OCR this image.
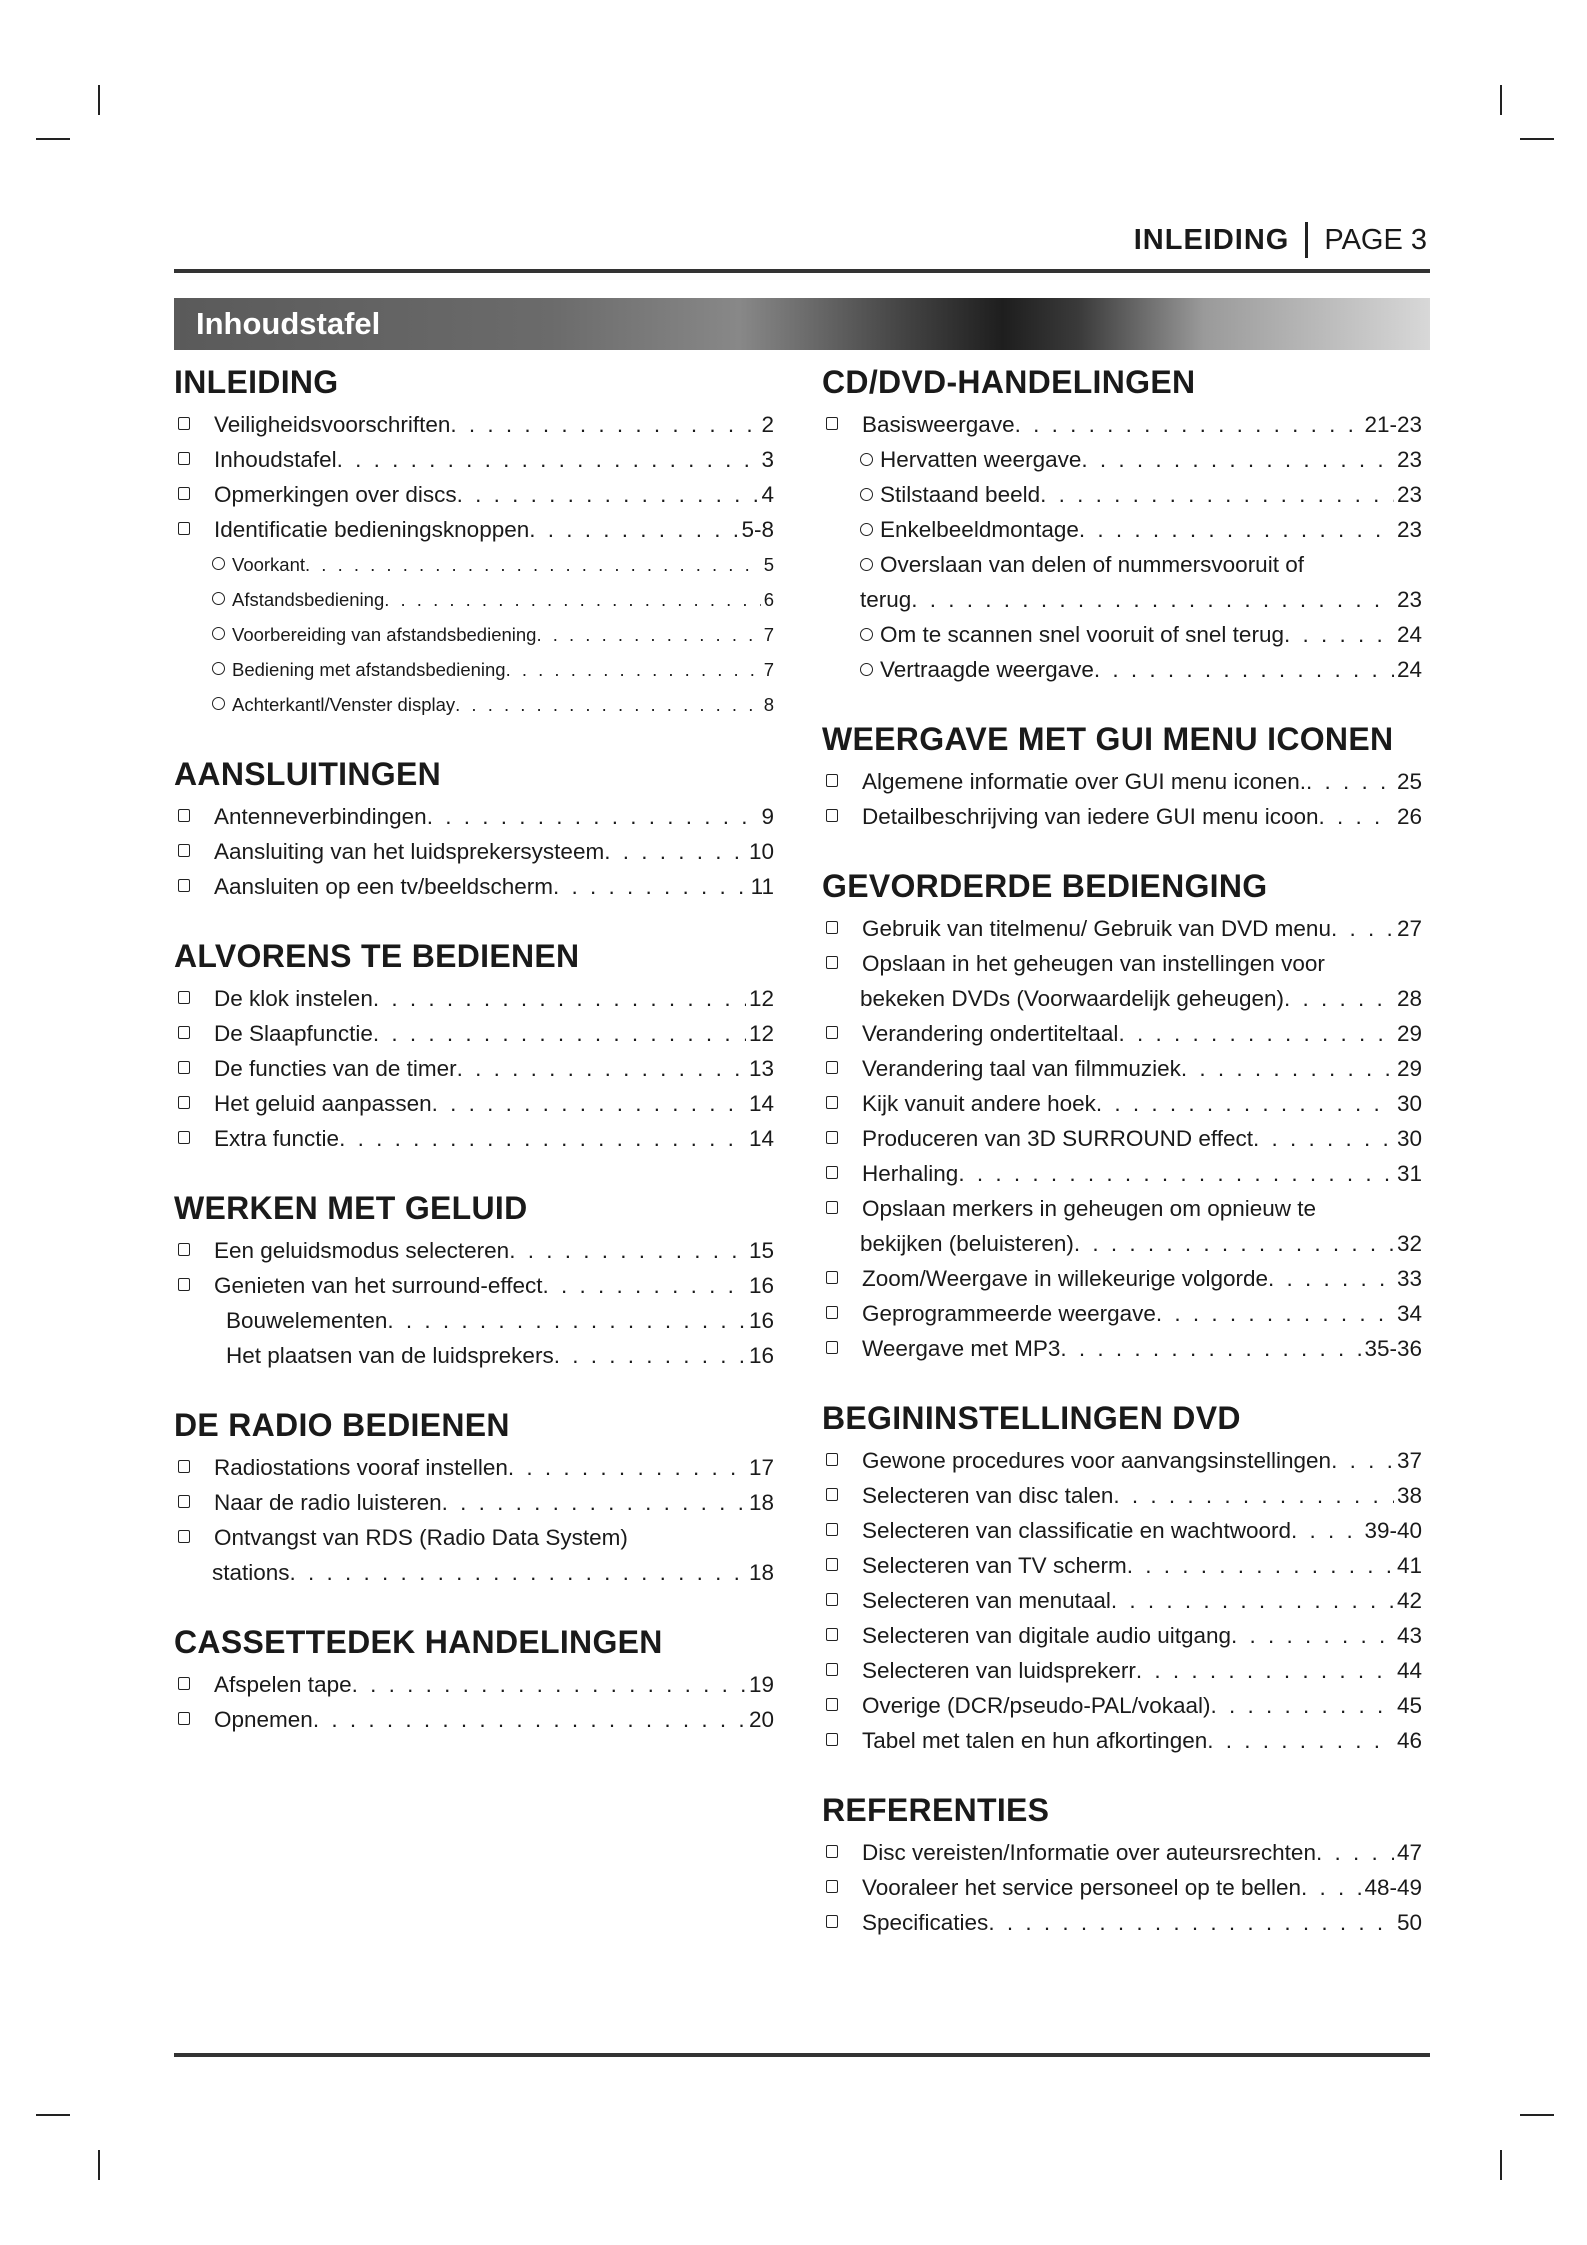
INLEIDING PAGE 3
Inhoudstafel
INLEIDING
Veiligheidsvoorschriften . . .	2
Inhoudstafel . . .	3
Opmerkingen over discs . . .	4
Identificatie bedieningsknoppen . . .	5-8
Voorkant . . .	5
Afstandsbediening . . .	6
Voorbereiding van afstandsbediening . . .	7
Bediening met afstandsbediening . . .	7
Achterkantl/Venster display . . .	8
AANSLUITINGEN
Antenneverbindingen . . .	9
Aansluiting van het luidsprekersysteem . . .	10
Aansluiten op een tv/beeldscherm . . .	11
ALVORENS TE BEDIENEN
De klok instelen . . .	12
De Slaapfunctie . . .	12
De functies van de timer . . .	13
Het geluid aanpassen . . .	14
Extra functie . . .	14
WERKEN MET GELUID
Een geluidsmodus selecteren . . .	15
Genieten van het surround-effect . . .	16
Bouwelementen . . .	16
Het plaatsen van de luidsprekers . . .	16
DE RADIO BEDIENEN
Radiostations vooraf instellen . . .	17
Naar de radio luisteren . . .	18
Ontvangst van RDS (Radio Data System)
stations . . .	18
CASSETTEDEK HANDELINGEN
Afspelen tape . . .	19
Opnemen . . .	20
CD/DVD-HANDELINGEN
Basisweergave . . .	21-23
Hervatten weergave . . .	23
Stilstaand beeld . . .	23
Enkelbeeldmontage . . .	23
Overslaan van delen of nummersvooruit of
terug . . .	23
Om te scannen snel vooruit of snel terug . . .	24
Vertraagde weergave . . .	24
WEERGAVE MET GUI MENU ICONEN
Algemene informatie over GUI menu iconen. . . .	25
Detailbeschrijving van iedere GUI menu icoon . . .	26
GEVORDERDE BEDIENGING
Gebruik van titelmenu/ Gebruik van DVD menu . . .	27
Opslaan in het geheugen van instellingen voor
bekeken DVDs (Voorwaardelijk geheugen) . . .	28
Verandering ondertiteltaal . . .	29
Verandering taal van filmmuziek . . .	29
Kijk vanuit andere hoek . . .	30
Produceren van 3D SURROUND effect . . .	30
Herhaling . . .	31
Opslaan merkers in geheugen om opnieuw te
bekijken (beluisteren) . . .	32
Zoom/Weergave in willekeurige volgorde . . .	33
Geprogrammeerde weergave . . .	34
Weergave met MP3 . . .	35-36
BEGININSTELLINGEN DVD
Gewone procedures voor aanvangsinstellingen . . .	37
Selecteren van disc talen . . .	38
Selecteren van classificatie en wachtwoord . . .	39-40
Selecteren van TV scherm . . .	41
Selecteren van menutaal . . .	42
Selecteren van digitale audio uitgang . . .	43
Selecteren van luidsprekerr . . .	44
Overige (DCR/pseudo-PAL/vokaal) . . .	45
Tabel met talen en hun afkortingen . . .	46
REFERENTIES
Disc vereisten/Informatie over auteursrechten . . .	47
Vooraleer het service personeel op te bellen . . .	48-49
Specificaties . . .	50
